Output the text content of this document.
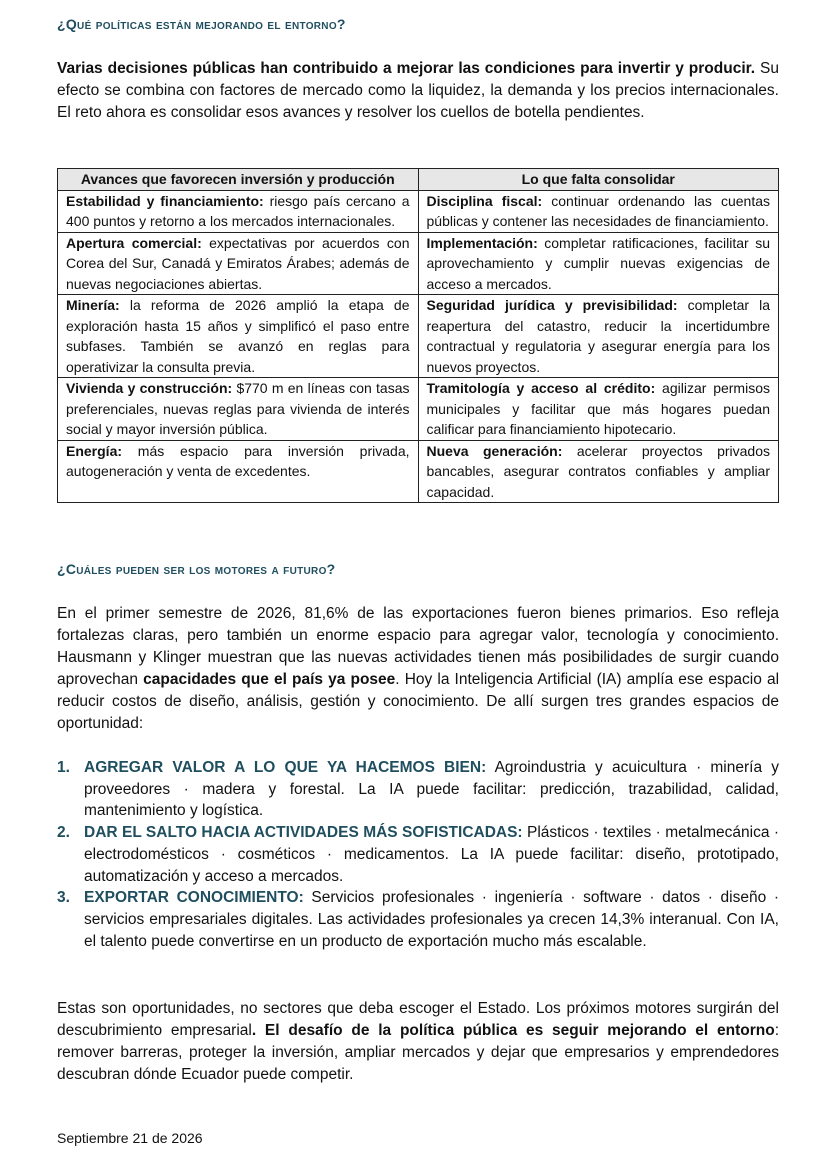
¿Qué políticas están mejorando el entorno?

Varias decisiones públicas han contribuido a mejorar las condiciones para invertir y producir. Su efecto se combina con factores de mercado como la liquidez, la demanda y los precios internacionales. El reto ahora es consolidar esos avances y resolver los cuellos de botella pendientes.

Avances que favorecen inversión y producción	Lo que falta consolidar
Estabilidad y financiamiento: riesgo país cercano a 400 puntos y retorno a los mercados internacionales.	Disciplina fiscal: continuar ordenando las cuentas públicas y contener las necesidades de financiamiento.
Apertura comercial: expectativas por acuerdos con Corea del Sur, Canadá y Emiratos Árabes; además de nuevas negociaciones abiertas.	Implementación: completar ratificaciones, facilitar su aprovechamiento y cumplir nuevas exigencias de acceso a mercados.
Minería: la reforma de 2026 amplió la etapa de exploración hasta 15 años y simplificó el paso entre subfases. También se avanzó en reglas para operativizar la consulta previa.	Seguridad jurídica y previsibilidad: completar la reapertura del catastro, reducir la incertidumbre contractual y regulatoria y asegurar energía para los nuevos proyectos.
Vivienda y construcción: $770 m en líneas con tasas preferenciales, nuevas reglas para vivienda de interés social y mayor inversión pública.	Tramitología y acceso al crédito: agilizar permisos municipales y facilitar que más hogares puedan calificar para financiamiento hipotecario.
Energía: más espacio para inversión privada, autogeneración y venta de excedentes.	Nueva generación: acelerar proyectos privados bancables, asegurar contratos confiables y ampliar capacidad.
¿Cuáles pueden ser los motores a futuro?

En el primer semestre de 2026, 81,6% de las exportaciones fueron bienes primarios. Eso refleja fortalezas claras, pero también un enorme espacio para agregar valor, tecnología y conocimiento. Hausmann y Klinger muestran que las nuevas actividades tienen más posibilidades de surgir cuando aprovechan capacidades que el país ya posee. Hoy la Inteligencia Artificial (IA) amplía ese espacio al reducir costos de diseño, análisis, gestión y conocimiento. De allí surgen tres grandes espacios de oportunidad:

1. AGREGAR VALOR A LO QUE YA HACEMOS BIEN: Agroindustria y acuicultura · minería y proveedores · madera y forestal. La IA puede facilitar: predicción, trazabilidad, calidad, mantenimiento y logística.
2. DAR EL SALTO HACIA ACTIVIDADES MÁS SOFISTICADAS: Plásticos · textiles · metalmecánica · electrodomésticos · cosméticos · medicamentos. La IA puede facilitar: diseño, prototipado, automatización y acceso a mercados.
3. EXPORTAR CONOCIMIENTO: Servicios profesionales · ingeniería · software · datos · diseño · servicios empresariales digitales. Las actividades profesionales ya crecen 14,3% interanual. Con IA, el talento puede convertirse en un producto de exportación mucho más escalable.

Estas son oportunidades, no sectores que deba escoger el Estado. Los próximos motores surgirán del descubrimiento empresarial. El desafío de la política pública es seguir mejorando el entorno: remover barreras, proteger la inversión, ampliar mercados y dejar que empresarios y emprendedores descubran dónde Ecuador puede competir.

Septiembre 21 de 2026
